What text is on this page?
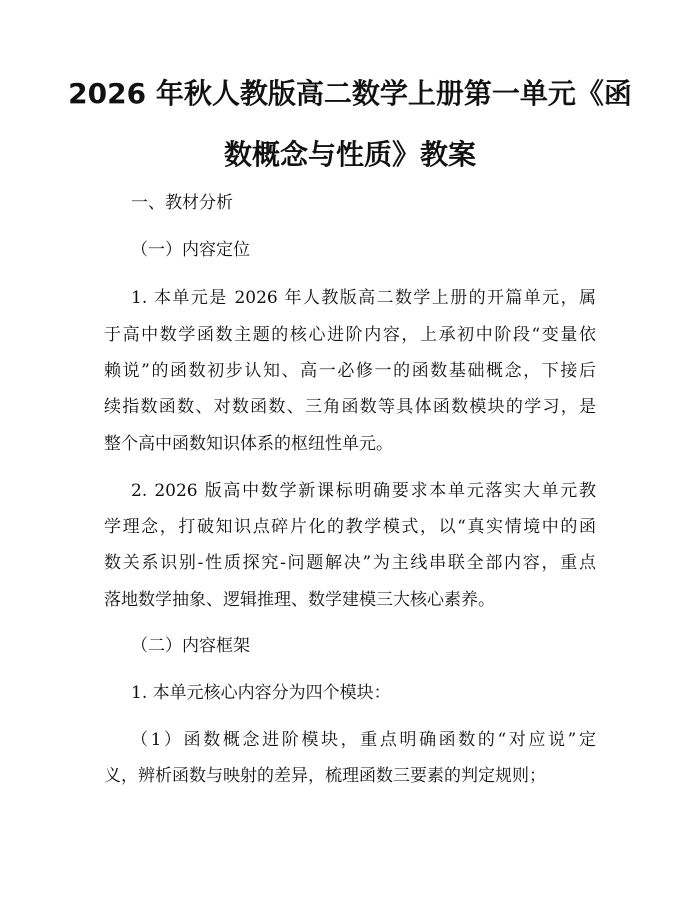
2026 年秋人教版高二数学上册第一单元《函
数概念与性质》教案
一、教材分析
（一）内容定位
1. 本单元是 2026 年人教版高二数学上册的开篇单元，属
于高中数学函数主题的核心进阶内容，上承初中阶段“变量依
赖说”的函数初步认知、高一必修一的函数基础概念，下接后
续指数函数、对数函数、三角函数等具体函数模块的学习，是
整个高中函数知识体系的枢纽性单元。
2. 2026 版高中数学新课标明确要求本单元落实大单元教
学理念，打破知识点碎片化的教学模式，以“真实情境中的函
数关系识别-性质探究-问题解决”为主线串联全部内容，重点
落地数学抽象、逻辑推理、数学建模三大核心素养。
（二）内容框架
1. 本单元核心内容分为四个模块：
（1）函数概念进阶模块，重点明确函数的“对应说”定
义，辨析函数与映射的差异，梳理函数三要素的判定规则；
